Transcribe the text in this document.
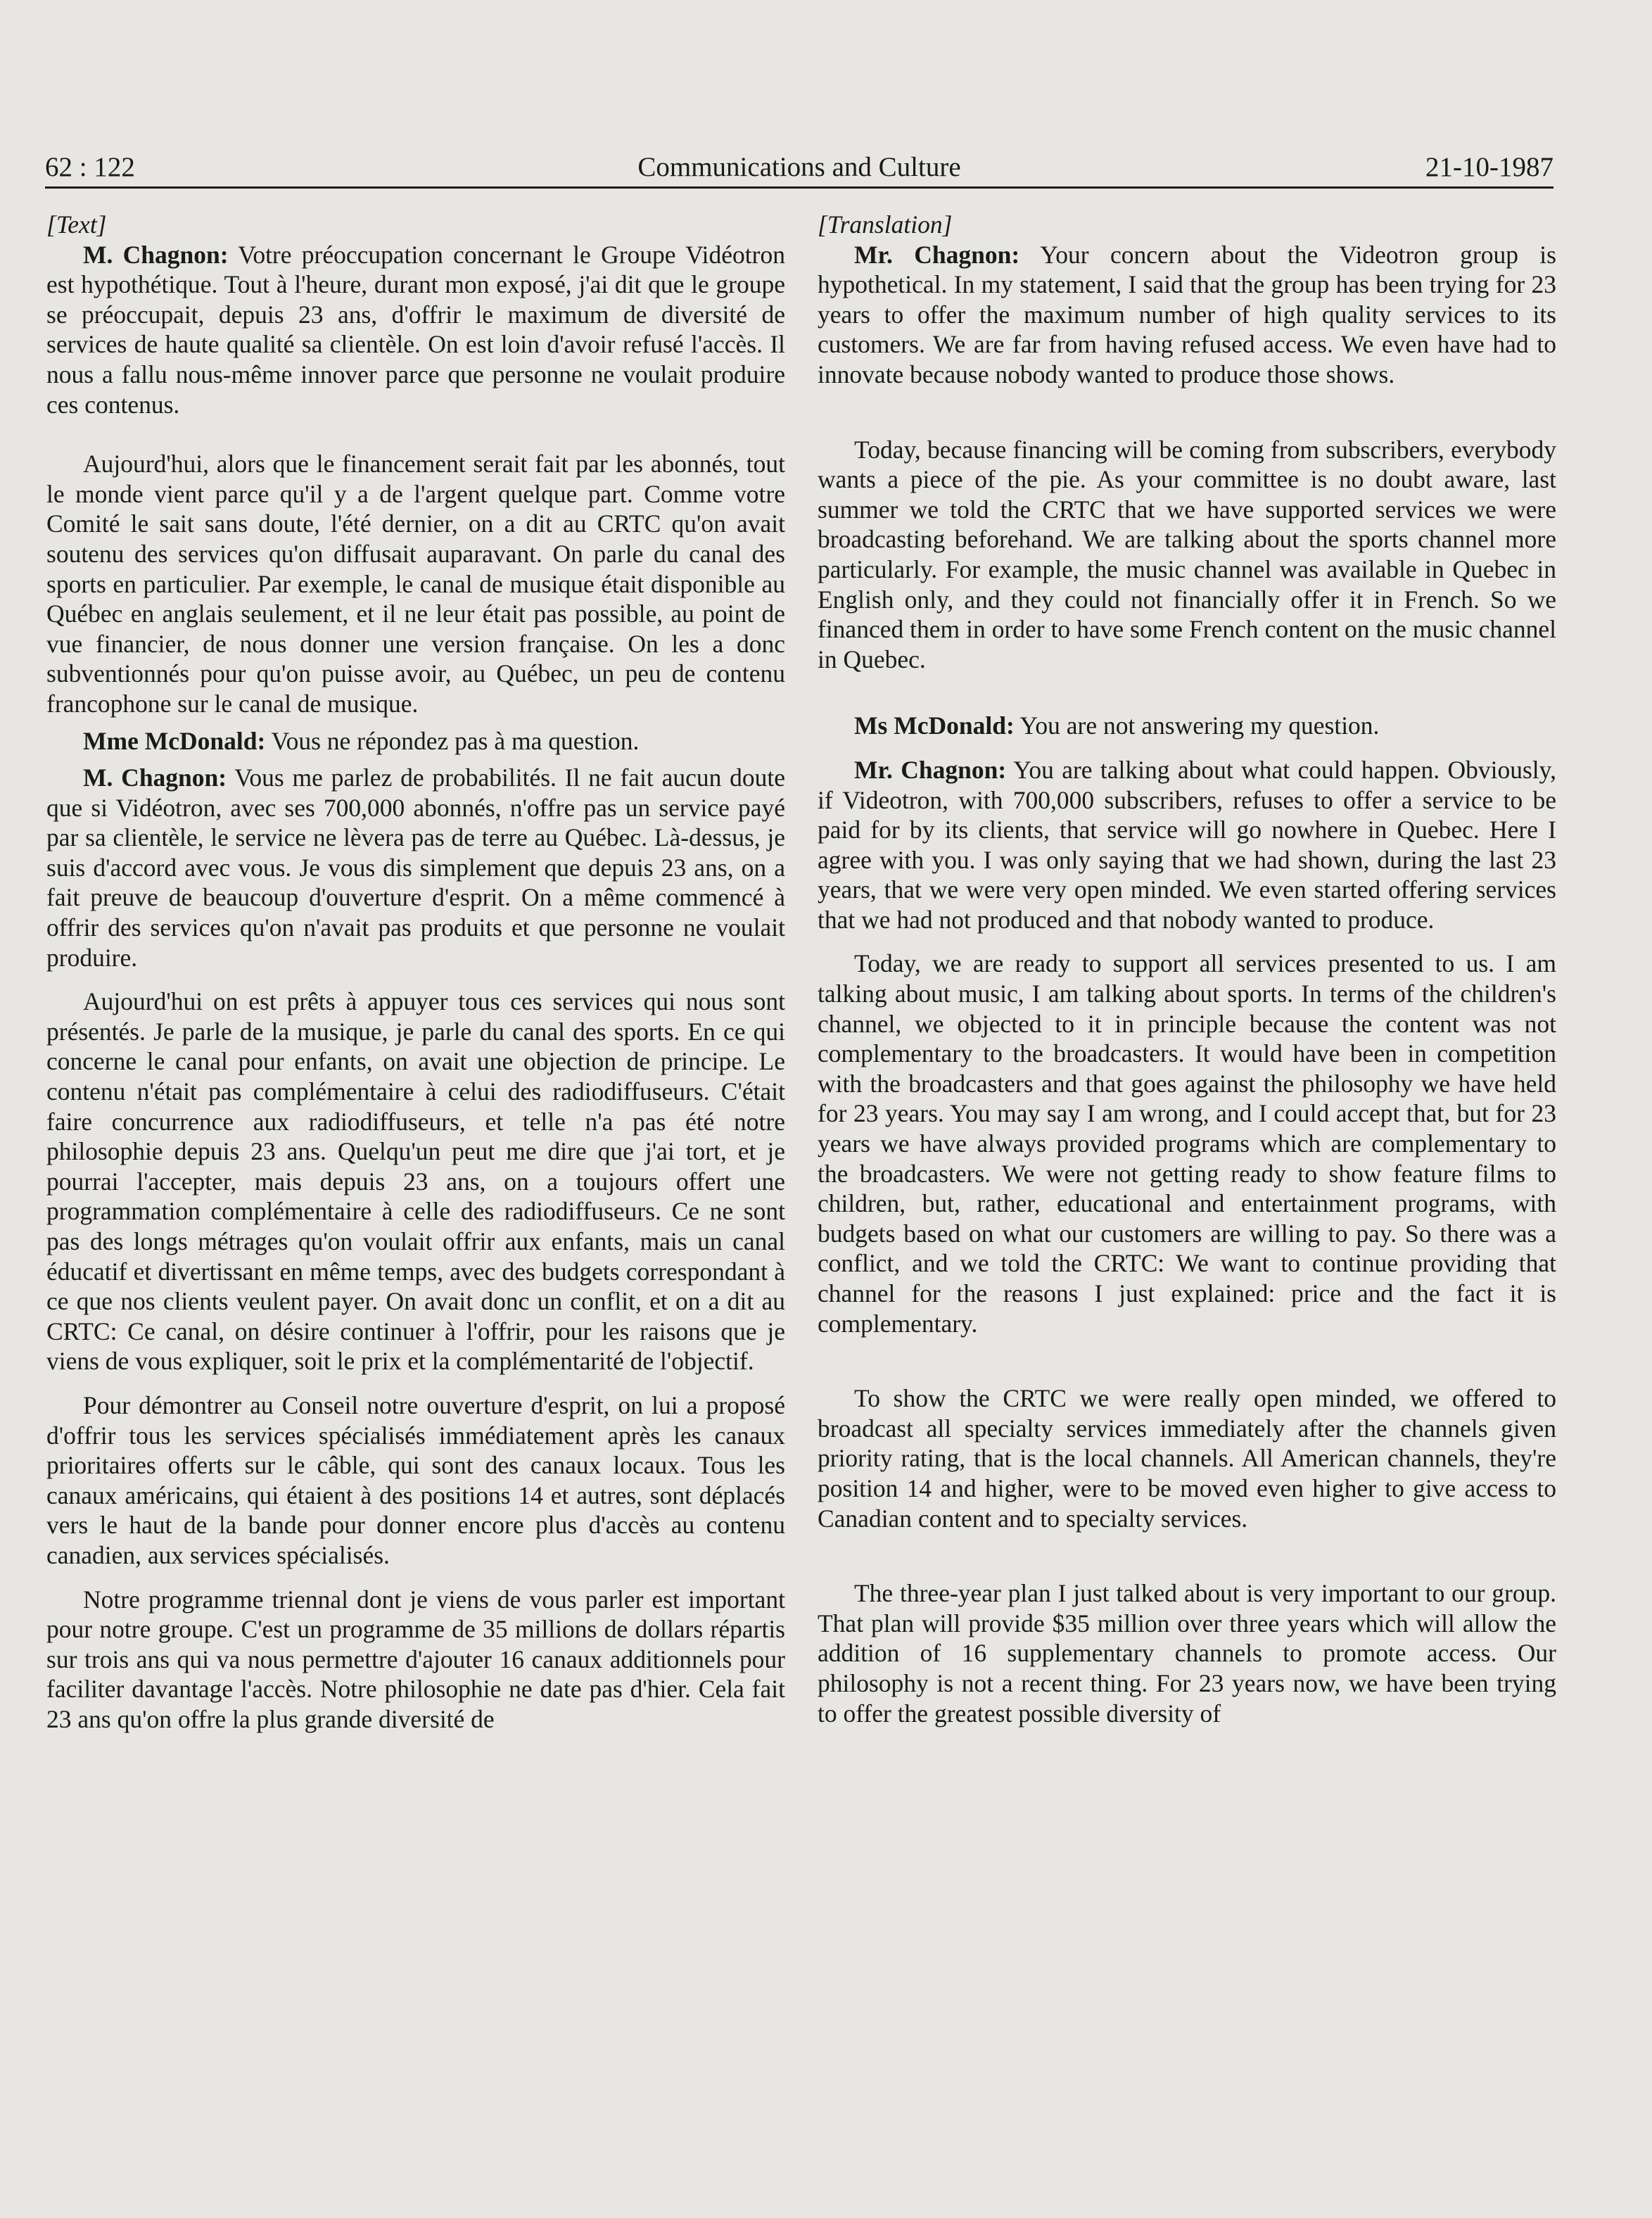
62 : 122	Communications and Culture	21-10-1987

[Text]

M. Chagnon: Votre préoccupation concernant le Groupe Vidéotron est hypothétique. Tout à l'heure, durant mon exposé, j'ai dit que le groupe se préoccupait, depuis 23 ans, d'offrir le maximum de diversité de services de haute qualité sa clientèle. On est loin d'avoir refusé l'accès. Il nous a fallu nous-même innover parce que personne ne voulait produire ces contenus.

Aujourd'hui, alors que le financement serait fait par les abonnés, tout le monde vient parce qu'il y a de l'argent quelque part. Comme votre Comité le sait sans doute, l'été dernier, on a dit au CRTC qu'on avait soutenu des services qu'on diffusait auparavant. On parle du canal des sports en particulier. Par exemple, le canal de musique était disponible au Québec en anglais seulement, et il ne leur était pas possible, au point de vue financier, de nous donner une version française. On les a donc subventionnés pour qu'on puisse avoir, au Québec, un peu de contenu francophone sur le canal de musique.

Mme McDonald: Vous ne répondez pas à ma question.

M. Chagnon: Vous me parlez de probabilités. Il ne fait aucun doute que si Vidéotron, avec ses 700,000 abonnés, n'offre pas un service payé par sa clientèle, le service ne lèvera pas de terre au Québec. Là-dessus, je suis d'accord avec vous. Je vous dis simplement que depuis 23 ans, on a fait preuve de beaucoup d'ouverture d'esprit. On a même commencé à offrir des services qu'on n'avait pas produits et que personne ne voulait produire.

Aujourd'hui on est prêts à appuyer tous ces services qui nous sont présentés. Je parle de la musique, je parle du canal des sports. En ce qui concerne le canal pour enfants, on avait une objection de principe. Le contenu n'était pas complémentaire à celui des radiodiffuseurs. C'était faire concurrence aux radiodiffuseurs, et telle n'a pas été notre philosophie depuis 23 ans. Quelqu'un peut me dire que j'ai tort, et je pourrai l'accepter, mais depuis 23 ans, on a toujours offert une programmation complémentaire à celle des radiodiffuseurs. Ce ne sont pas des longs métrages qu'on voulait offrir aux enfants, mais un canal éducatif et divertissant en même temps, avec des budgets correspondant à ce que nos clients veulent payer. On avait donc un conflit, et on a dit au CRTC: Ce canal, on désire continuer à l'offrir, pour les raisons que je viens de vous expliquer, soit le prix et la complémentarité de l'objectif.

Pour démontrer au Conseil notre ouverture d'esprit, on lui a proposé d'offrir tous les services spécialisés immédiatement après les canaux prioritaires offerts sur le câble, qui sont des canaux locaux. Tous les canaux américains, qui étaient à des positions 14 et autres, sont déplacés vers le haut de la bande pour donner encore plus d'accès au contenu canadien, aux services spécialisés.

Notre programme triennal dont je viens de vous parler est important pour notre groupe. C'est un programme de 35 millions de dollars répartis sur trois ans qui va nous permettre d'ajouter 16 canaux additionnels pour faciliter davantage l'accès. Notre philosophie ne date pas d'hier. Cela fait 23 ans qu'on offre la plus grande diversité de

[Translation]

Mr. Chagnon: Your concern about the Videotron group is hypothetical. In my statement, I said that the group has been trying for 23 years to offer the maximum number of high quality services to its customers. We are far from having refused access. We even have had to innovate because nobody wanted to produce those shows.

Today, because financing will be coming from subscribers, everybody wants a piece of the pie. As your committee is no doubt aware, last summer we told the CRTC that we have supported services we were broadcasting beforehand. We are talking about the sports channel more particularly. For example, the music channel was available in Quebec in English only, and they could not financially offer it in French. So we financed them in order to have some French content on the music channel in Quebec.

Ms McDonald: You are not answering my question.

Mr. Chagnon: You are talking about what could happen. Obviously, if Videotron, with 700,000 subscribers, refuses to offer a service to be paid for by its clients, that service will go nowhere in Quebec. Here I agree with you. I was only saying that we had shown, during the last 23 years, that we were very open minded. We even started offering services that we had not produced and that nobody wanted to produce.

Today, we are ready to support all services presented to us. I am talking about music, I am talking about sports. In terms of the children's channel, we objected to it in principle because the content was not complementary to the broadcasters. It would have been in competition with the broadcasters and that goes against the philosophy we have held for 23 years. You may say I am wrong, and I could accept that, but for 23 years we have always provided programs which are complementary to the broadcasters. We were not getting ready to show feature films to children, but, rather, educational and entertainment programs, with budgets based on what our customers are willing to pay. So there was a conflict, and we told the CRTC: We want to continue providing that channel for the reasons I just explained: price and the fact it is complementary.

To show the CRTC we were really open minded, we offered to broadcast all specialty services immediately after the channels given priority rating, that is the local channels. All American channels, they're position 14 and higher, were to be moved even higher to give access to Canadian content and to specialty services.

The three-year plan I just talked about is very important to our group. That plan will provide $35 million over three years which will allow the addition of 16 supplementary channels to promote access. Our philosophy is not a recent thing. For 23 years now, we have been trying to offer the greatest possible diversity of
